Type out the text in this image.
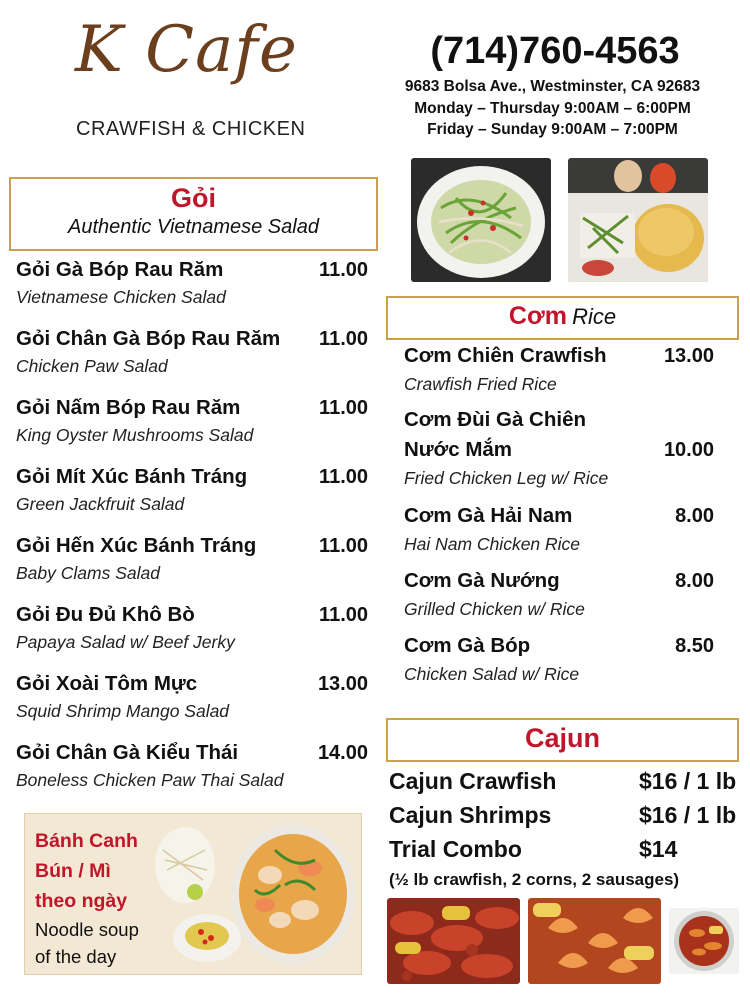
K Cafe
CRAWFISH & CHICKEN
(714)760-4563
9683 Bolsa Ave., Westminster, CA 92683
Monday – Thursday 9:00AM – 6:00PM
Friday – Sunday 9:00AM – 7:00PM
Gỏi
Authentic Vietnamese Salad
Gỏi Gà Bóp Rau Răm	11.00
Vietnamese Chicken Salad
Gỏi Chân Gà Bóp Rau Răm 11.00
Chicken Paw Salad
Gỏi Nấm Bóp Rau Răm	11.00
King Oyster Mushrooms Salad
Gỏi Mít Xúc Bánh Tráng	11.00
Green Jackfruit Salad
Gỏi Hến Xúc Bánh Tráng	11.00
Baby Clams Salad
Gỏi Đu Đủ Khô Bò	11.00
Papaya Salad w/ Beef Jerky
Gỏi Xoài Tôm Mực	13.00
Squid Shrimp Mango Salad
Gỏi Chân Gà Kiểu Thái	14.00
Boneless Chicken Paw Thai Salad
Cơm Rice
Cơm Chiên Crawfish	13.00
Crawfish Fried Rice
Cơm Đùi Gà Chiên
Nước Mắm	10.00
Fried Chicken Leg w/ Rice
Cơm Gà Hải Nam	8.00
Hai Nam Chicken Rice
Cơm Gà Nướng	8.00
Grilled Chicken w/ Rice
Cơm Gà Bóp	8.50
Chicken Salad w/ Rice
Cajun
Cajun Crawfish	$16 / 1 lb
Cajun Shrimps	$16 / 1 lb
Trial Combo	$14
(½ lb crawfish, 2 corns, 2 sausages)
Bánh Canh
Bún / Mì
theo ngày
Noodle soup
of the day
